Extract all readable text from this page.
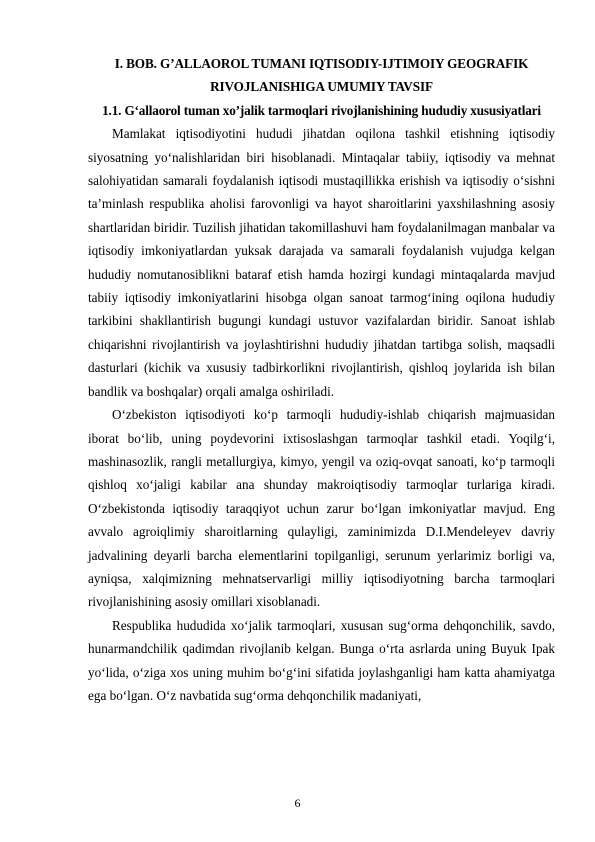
I. BOB. G’ALLAOROL TUMANI IQTISODIY-IJTIMOIY GEOGRAFIK RIVOJLANISHIGA UMUMIY TAVSIF

1.1. G‘allaorol tuman xo’jalik tarmoqlari rivojlanishining hududiy xususiyatlari

Mamlakat iqtisodiyotini hududi jihatdan oqilona tashkil etishning iqtisodiy siyosatning yo‘nalishlaridan biri hisoblanadi. Mintaqalar tabiiy, iqtisodiy va mehnat salohiyatidan samarali foydalanish iqtisodi mustaqillikka erishish va iqtisodiy o‘sishni ta’minlash respublika aholisi farovonligi va hayot sharoitlarini yaxshilashning asosiy shartlaridan biridir. Tuzilish jihatidan takomillashuvi ham foydalanilmagan manbalar va iqtisodiy imkoniyatlardan yuksak darajada va samarali foydalanish vujudga kelgan hududiy nomutanosiblikni bataraf etish hamda hozirgi kundagi mintaqalarda mavjud tabiiy iqtisodiy imkoniyatlarini hisobga olgan sanoat tarmog‘ining oqilona hududiy tarkibini shakllantirish bugungi kundagi ustuvor vazifalardan biridir. Sanoat ishlab chiqarishni rivojlantirish va joylashtirishni hududiy jihatdan tartibga solish, maqsadli dasturlari (kichik va xususiy tadbirkorlikni rivojlantirish, qishloq joylarida ish bilan bandlik va boshqalar) orqali amalga oshiriladi.

O‘zbekiston iqtisodiyoti ko‘p tarmoqli hududiy-ishlab chiqarish majmuasidan iborat bo‘lib, uning poydevorini ixtisoslashgan tarmoqlar tashkil etadi. Yoqilg‘i, mashinasozlik, rangli metallurgiya, kimyo, yengil va oziq-ovqat sanoati, ko‘p tarmoqli qishloq xo‘jaligi kabilar ana shunday makroiqtisodiy tarmoqlar turlariga kiradi. O‘zbekistonda iqtisodiy taraqqiyot uchun zarur bo‘lgan imkoniyatlar mavjud. Eng avvalo agroiqlimiy sharoitlarning qulayligi, zaminimizda D.I.Mendeleyev davriy jadvalining deyarli barcha elementlarini topilganligi, serunum yerlarimiz borligi va, ayniqsa, xalqimizning mehnatservarligi milliy iqtisodiyotning barcha tarmoqlari rivojlanishining asosiy omillari xisoblanadi.

Respublika hududida xo‘jalik tarmoqlari, xususan sug‘orma dehqonchilik, savdo, hunarmandchilik qadimdan rivojlanib kelgan. Bunga o‘rta asrlarda uning Buyuk Ipak yo‘lida, o‘ziga xos uning muhim bo‘g‘ini sifatida joylashganligi ham katta ahamiyatga ega bo‘lgan. O‘z navbatida sug‘orma dehqonchilik madaniyati,

6
